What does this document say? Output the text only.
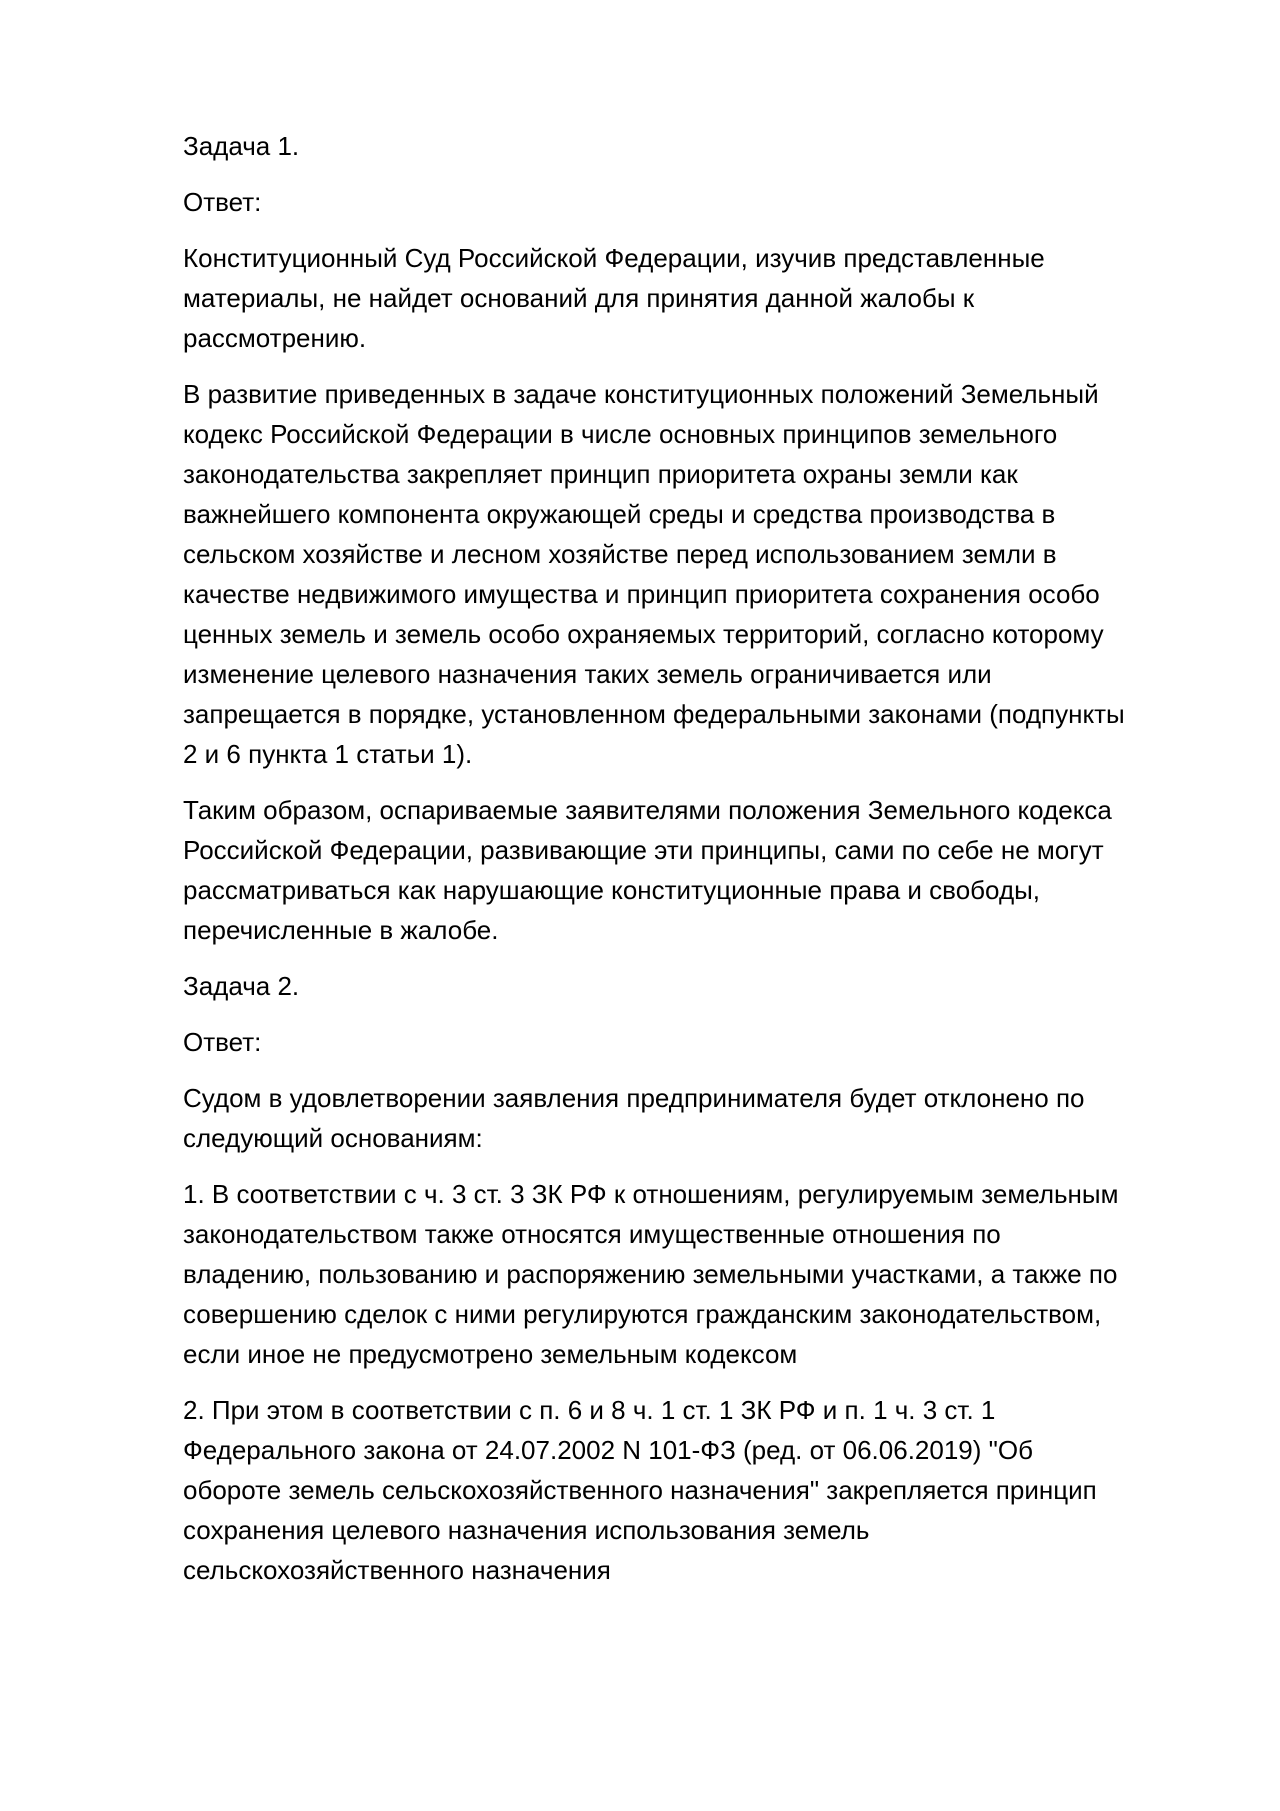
Задача 1.

Ответ:

Конституционный Суд Российской Федерации, изучив представленные
материалы, не найдет оснований для принятия данной жалобы к
рассмотрению.

В развитие приведенных в задаче конституционных положений Земельный
кодекс Российской Федерации в числе основных принципов земельного
законодательства закрепляет принцип приоритета охраны земли как
важнейшего компонента окружающей среды и средства производства в
сельском хозяйстве и лесном хозяйстве перед использованием земли в
качестве недвижимого имущества и принцип приоритета сохранения особо
ценных земель и земель особо охраняемых территорий, согласно которому
изменение целевого назначения таких земель ограничивается или
запрещается в порядке, установленном федеральными законами (подпункты
2 и 6 пункта 1 статьи 1).

Таким образом, оспариваемые заявителями положения Земельного кодекса
Российской Федерации, развивающие эти принципы, сами по себе не могут
рассматриваться как нарушающие конституционные права и свободы,
перечисленные в жалобе.

Задача 2.

Ответ:

Судом в удовлетворении заявления предпринимателя будет отклонено по
следующий основаниям:

1. В соответствии с ч. 3 ст. 3 ЗК РФ к отношениям, регулируемым земельным
законодательством также относятся имущественные отношения по
владению, пользованию и распоряжению земельными участками, а также по
совершению сделок с ними регулируются гражданским законодательством,
если иное не предусмотрено земельным кодексом

2. При этом в соответствии с п. 6 и 8 ч. 1 ст. 1 ЗК РФ и п. 1 ч. 3 ст. 1
Федерального закона от 24.07.2002 N 101-ФЗ (ред. от 06.06.2019) "Об
обороте земель сельскохозяйственного назначения" закрепляется принцип
сохранения целевого назначения использования земель
сельскохозяйственного назначения
